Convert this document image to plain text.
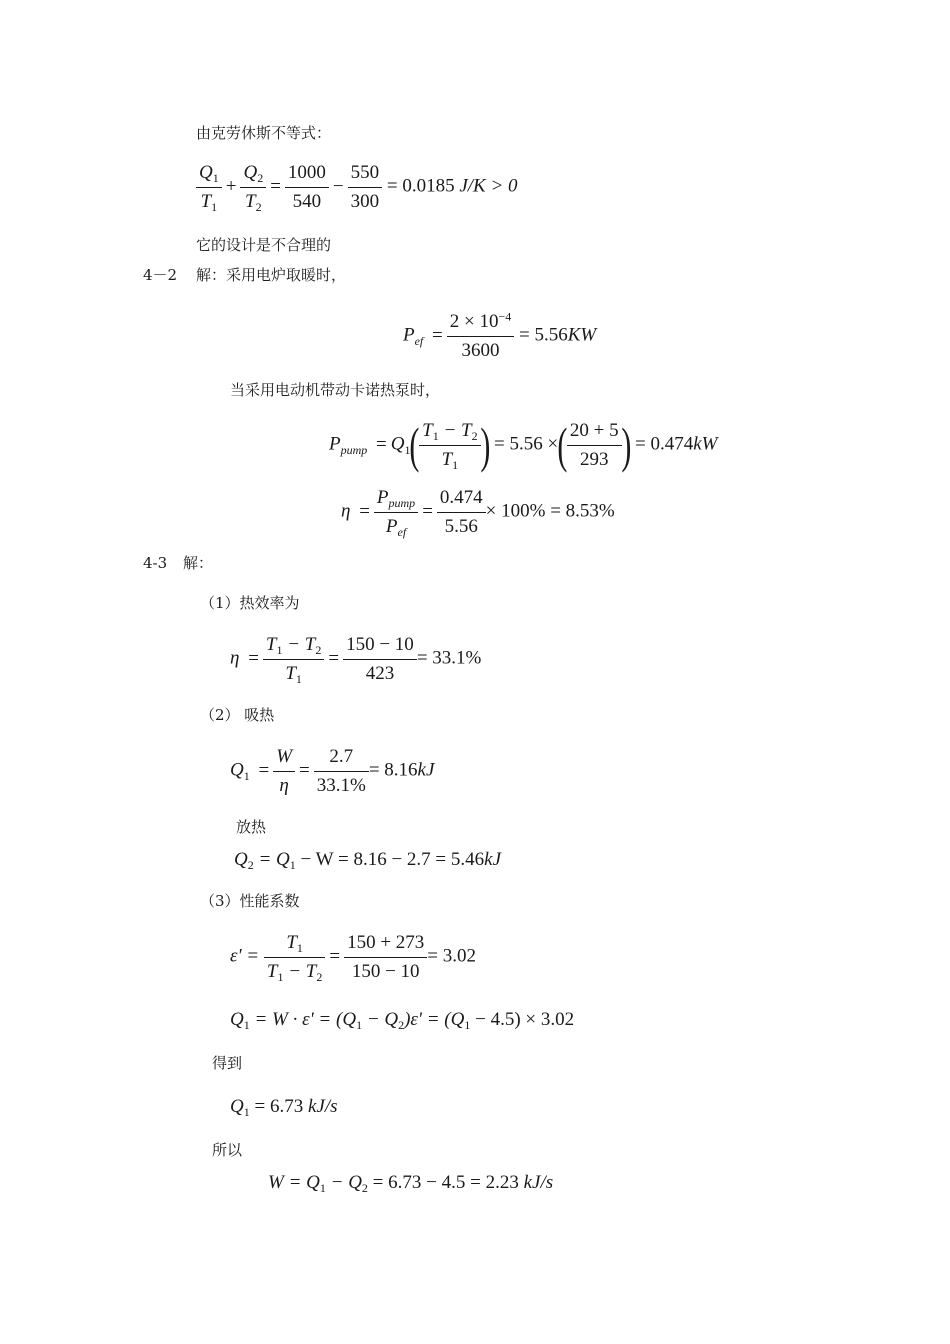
由克劳休斯不等式：
$\frac{Q_1}{T_1} + \frac{Q_2}{T_2} = \frac{1000}{540} - \frac{550}{300} = 0.0185$ J/K > 0
它的设计是不合理的
4－2 解：采用电炉取暖时，
$P_{ef} = \frac{2 \times 10^{-4}}{3600} = 5.56KW$
当采用电动机带动卡诺热泵时，
$P_{pump} = Q_1( \frac{T_1 - T_2}{T_1}$ ) = 5.56 ×( $\frac{20 + 5}{293}$ ) = 0.474kW
$\eta = \frac{P_{pump}}{P_{ef}} = \frac{0.474}{5.56} \times 100\% = 8.53\%$
4-3 解：
（1）热效率为
$\eta = \frac{T_1 - T_2}{T_1} = \frac{150 - 10}{423} = 33.1\%$
（2） 吸热
$Q_1 = \frac{W}{\eta} = \frac{2.7}{33.1\%} = 8.16kJ$
放热
$Q_2 = Q_1 - W = 8.16 - 2.7 = 5.46kJ$
（3）性能系数
$\varepsilon' = \frac{T_1}{T_1 - T_2} = \frac{150 + 273}{150 - 10} = 3.02$
$Q_1 = W \cdot \varepsilon' = (Q_1 - Q_2)\varepsilon' = (Q_1 - 4.5) \times 3.02$
得到
$Q_1 = 6.73$ kJ/s
所以
$W = Q_1 - Q_2 = 6.73 - 4.5 = 2.23$ kJ/s
